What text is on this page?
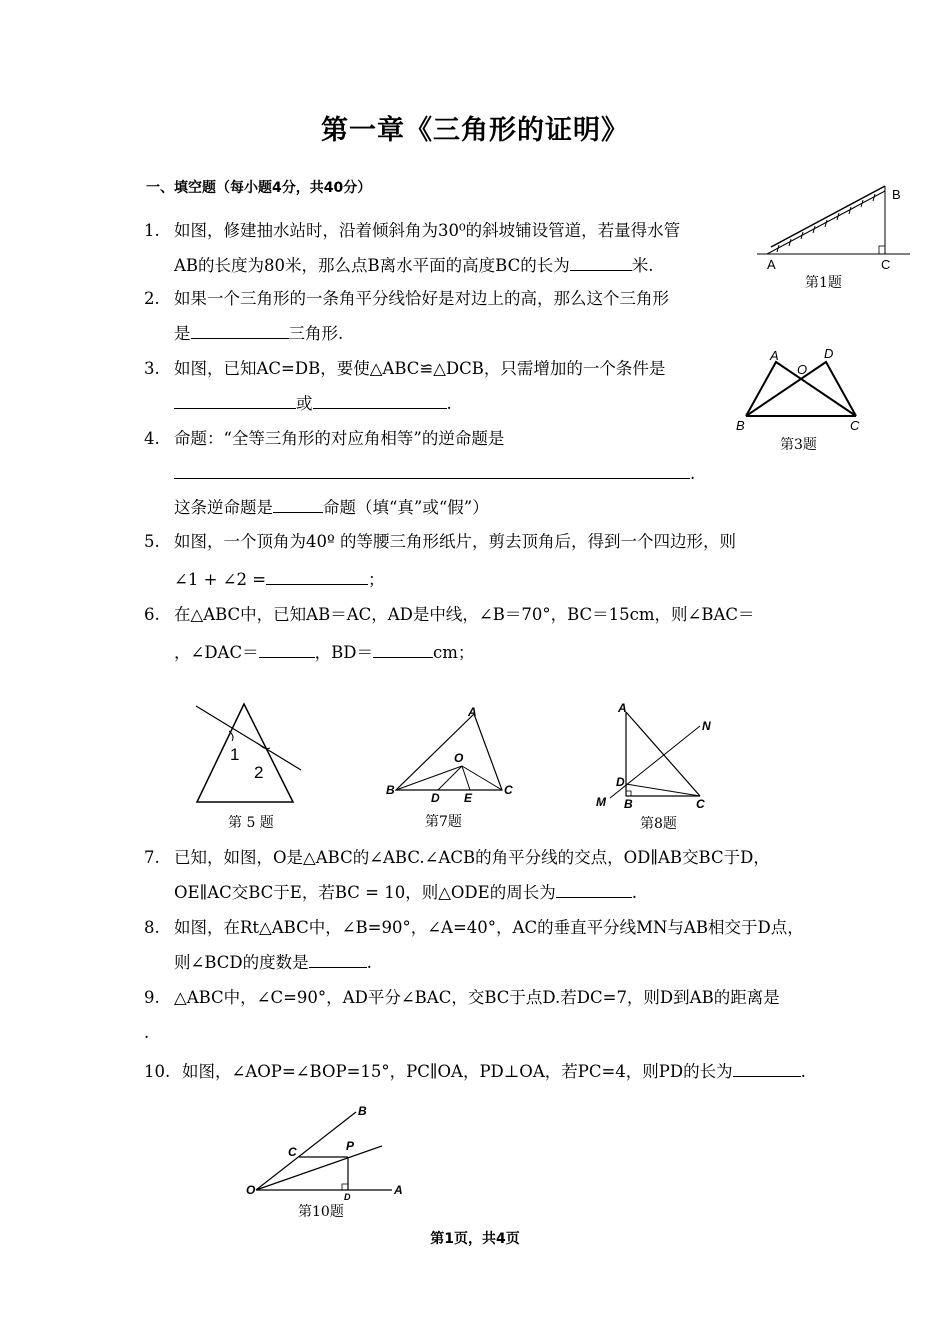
第一章《三角形的证明》
一、填空题（每小题4分，共40分）
1. 如图，修建抽水站时，沿着倾斜角为30⁰的斜坡铺设管道，若量得水管
AB的长度为80米，那么点B离水平面的高度BC的长为	米.
2. 如果一个三角形的一条角平分线恰好是对边上的高，那么这个三角形
是	三角形.
3. 如图，已知AC=DB，要使△ABC≌△DCB，只需增加的一个条件是
或	.
4. 命题：“全等三角形的对应角相等”的逆命题是
.
这条逆命题是	命题（填“真”或“假”）
5. 如图，一个顶角为40º 的等腰三角形纸片，剪去顶角后，得到一个四边形，则
∠1 + ∠2 =	；
6. 在△ABC中，已知AB＝AC，AD是中线，∠B＝70°，BC＝15cm，则∠BAC＝
，∠DAC＝	，BD＝	cm；
7. 已知，如图，O是△ABC的∠ABC.∠ACB的角平分线的交点，OD∥AB交BC于D，
OE∥AC交BC于E，若BC = 10，则△ODE的周长为	.
8. 如图，在Rt△ABC中，∠B=90°，∠A=40°，AC的垂直平分线MN与AB相交于D点，
则∠BCD的度数是	.
9. △ABC中，∠C=90°，AD平分∠BAC，交BC于点D.若DC=7，则D到AB的距离是
.
10. 如图，∠AOP=∠BOP=15°，PC∥OA，PD⊥OA，若PC=4，则PD的长为	.
A
B
C
第1题
A	D
O
B	C
第3题
1
2
第 5 题
A
O
B
D E
C
第7题
A
N
D
M B	C
第8题
B
C	P
O	A
D
第10题
第1页，共4页
